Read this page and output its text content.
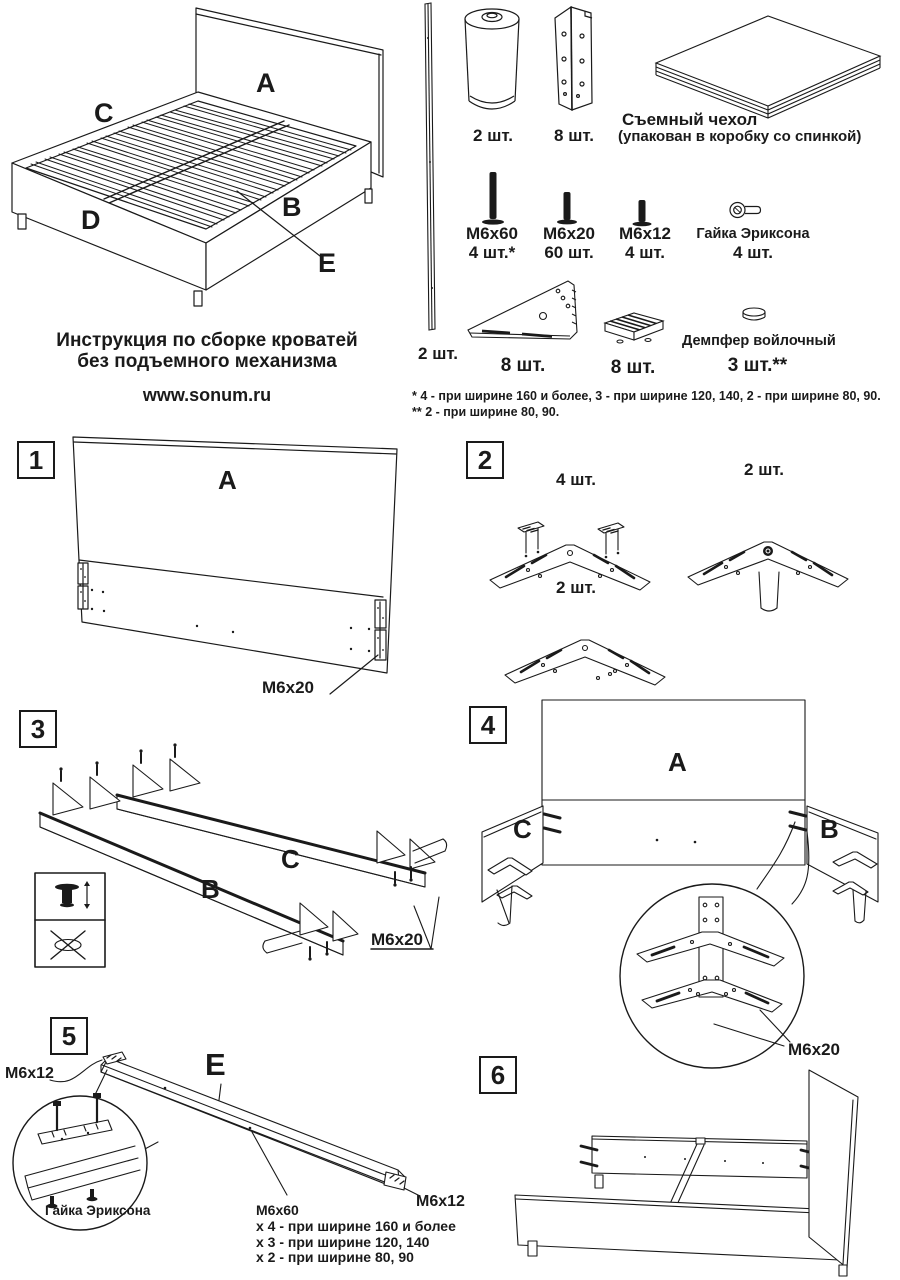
A
C
B
D
E
2 шт.
2 шт.	8 шт.
Съемный чехол
(упакован в коробку со спинкой)
М6х60
4 шт.*
М6х20
60 шт.
М6х12
4 шт.
Гайка Эриксона
4 шт.
8 шт.	8 шт.
Демпфер войлочный
3 шт.**
* 4 - при ширине 160 и более, 3 - при ширине 120, 140, 2 - при ширине 80, 90.
** 2 - при ширине 80, 90.
Инструкция по сборке кроватей
без подъемного механизма
www.sonum.ru
1
A
М6х20
2
4 шт.
2 шт.
2 шт.
3
C
B
М6х20
4
A
C	B
М6х20
5
М6х12	E
Гайка Эриксона
М6х12
М6х60
х 4 - при ширине 160 и более
х 3 - при ширине 120, 140
х 2 - при ширине 80, 90
6
